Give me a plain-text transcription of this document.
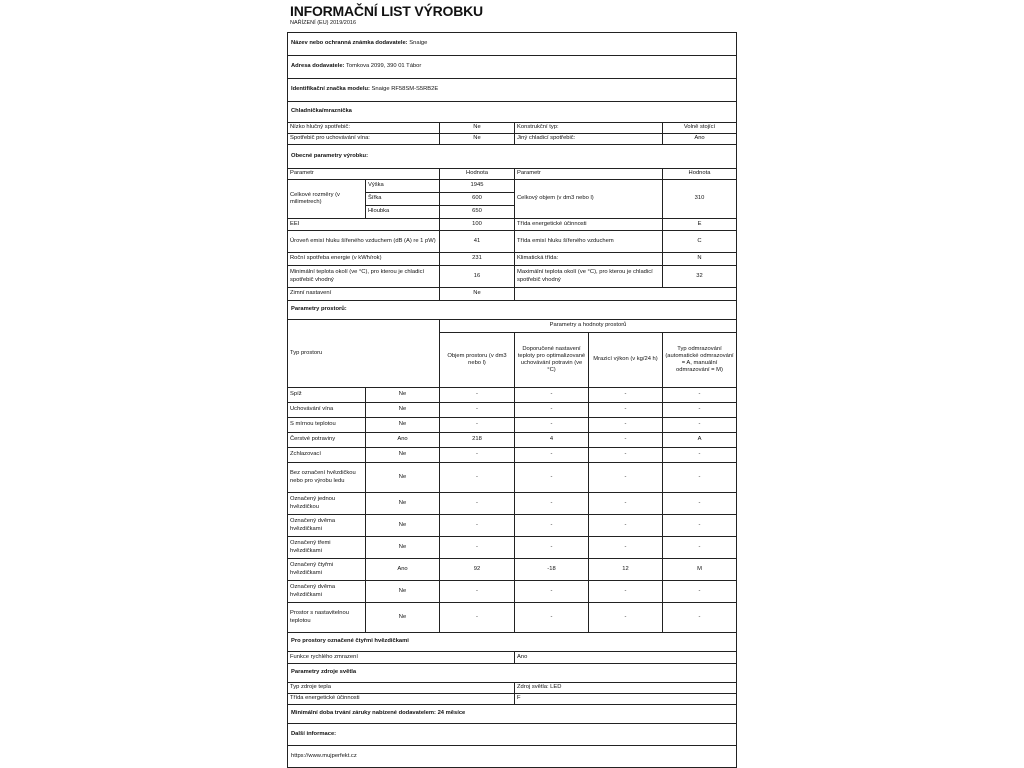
INFORMAČNÍ LIST VÝROBKU
NAŘÍZENÍ (EU) 2019/2016
Název nebo ochranná známka dodavatele: Snaige					
Adresa dodavatele: Tomkova 2099, 390 01 Tábor					
Identifikační značka modelu: Snaige RF58SM-S5RB2E					
Chladnička/mraznička					
Nízko hlučný spotřebič:		Ne	Konstrukční typ:		Volně stojící
Spotřebič pro uchovávání vína:		Ne	Jiný chladicí spotřebič:		Ano
Obecné parametry výrobku:					
Parametr		Hodnota	Parametr		Hodnota
Celkové rozměry (v milimetrech)	Výška	1945	Celkový objem (v dm3 nebo l)		310
	Šířka	600			
	Hloubka	650			
EEI		100	Třída energetické účinnosti		E
Úroveň emisí hluku šířeného vzduchem (dB (A) re 1 pW)		41	Třída emisí hluku šířeného vzduchem		C
Roční spotřeba energie (v kWh/rok)		231	Klimatická třída:		N
Minimální teplota okolí (ve °C), pro kterou je chladicí spotřebič vhodný		16	Maximální teplota okolí (ve °C), pro kterou je chladicí spotřebič vhodný		32
Zimní nastavení		Ne			
Parametry prostorů:					
Typ prostoru		Parametry a hodnoty prostorů			
		Objem prostoru (v dm3 nebo l)	Doporučené nastavení teploty pro optimalizované uchovávání potravin (ve °C)	Mrazicí výkon (v kg/24 h)	Typ odmrazování (automatické odmrazování = A, manuální odmrazování = M)
Spíž	Ne	-	-	-	-
Uchovávání vína	Ne	-	-	-	-
S mírnou teplotou	Ne	-	-	-	-
Čerstvé potraviny	Ano	218	4	-	A
Zchlazovací	Ne	-	-	-	-
Bez označení hvězdičkou nebo pro výrobu ledu	Ne	-	-	-	-
Označený jednou hvězdičkou	Ne	-	-	-	-
Označený dvěma hvězdičkami	Ne	-	-	-	-
Označený třemi hvězdičkami	Ne	-	-	-	-
Označený čtyřmi hvězdičkami	Ano	92	-18	12	M
Označený dvěma hvězdičkami	Ne	-	-	-	-
Prostor s nastavitelnou teplotou	Ne	-	-	-	-
Pro prostory označené čtyřmi hvězdičkami					
Funkce rychlého zmrazení			Ano		
Parametry zdroje světla					
Typ zdroje tepla			Zdroj světla: LED		
Třída energetické účinnosti			F		
Minimální doba trvání záruky nabízené dodavatelem: 24 měsíce					
Další informace:					
https://www.mujperfekt.cz					
